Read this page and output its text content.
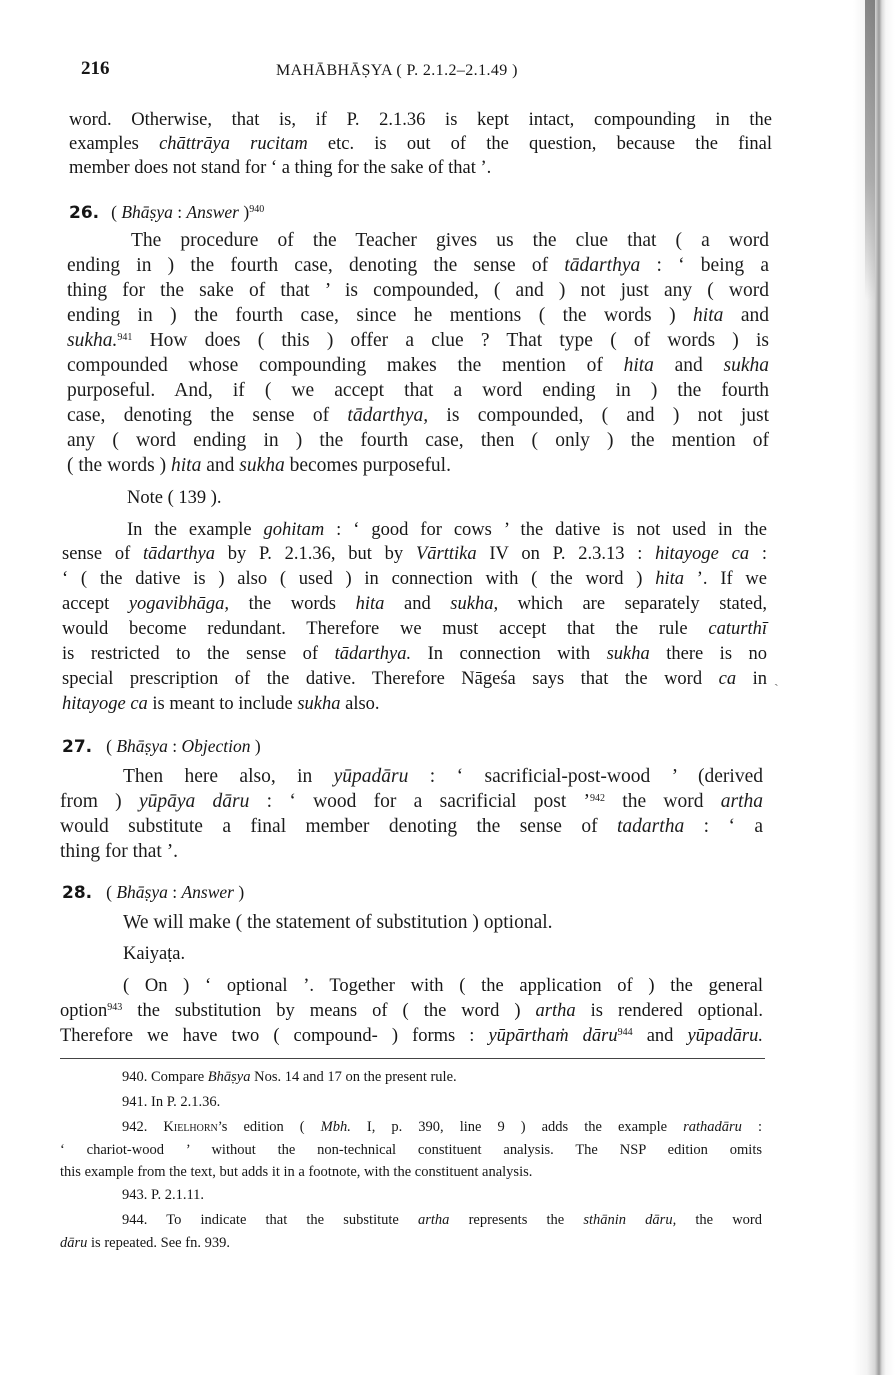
216	MAHĀBHĀṢYA ( P. 2.1.2–2.1.49 )
word. Otherwise, that is, if P. 2.1.36 is kept intact, compounding in the
examples chāttrāya rucitam etc. is out of the question, because the final
member does not stand for ‘ a thing for the sake of that ’.
26. ( Bhāṣya : Answer )$^{940}$
The procedure of the Teacher gives us the clue that ( a word
ending in ) the fourth case, denoting the sense of tādarthya : ‘ being a
thing for the sake of that ’ is compounded, ( and ) not just any ( word
ending in ) the fourth case, since he mentions ( the words ) hita and
sukha.$^{941}$ How does ( this ) offer a clue ? That type ( of words ) is
compounded whose compounding makes the mention of hita and sukha
purposeful. And, if ( we accept that a word ending in ) the fourth
case, denoting the sense of tādarthya, is compounded, ( and ) not just
any ( word ending in ) the fourth case, then ( only ) the mention of
( the words ) hita and sukha becomes purposeful.
Note ( 139 ).
In the example gohitam : ‘ good for cows ’ the dative is not used in the
sense of tādarthya by P. 2.1.36, but by Vārttika IV on P. 2.3.13 : hitayoge ca :
‘ ( the dative is ) also ( used ) in connection with ( the word ) hita ’. If we
accept yogavibhāga, the words hita and sukha, which are separately stated,
would become redundant. Therefore we must accept that the rule caturthī
is restricted to the sense of tādarthya. In connection with sukha there is no
special prescription of the dative. Therefore Nāgeśa says that the word ca in
hitayoge ca is meant to include sukha also.
ˏ
27. ( Bhāṣya : Objection )
Then here also, in yūpadāru : ‘ sacrificial-post-wood ’ (derived
from ) yūpāya dāru : ‘ wood for a sacrificial post ’$^{942}$ the word artha
would substitute a final member denoting the sense of tadartha : ‘ a
thing for that ’.
28. ( Bhāṣya : Answer )
We will make ( the statement of substitution ) optional.
Kaiyaṭa.
( On ) ‘ optional ’. Together with ( the application of ) the general
option$^{943}$ the substitution by means of ( the word ) artha is rendered optional.
Therefore we have two ( compound- ) forms : yūpārthaṁ dāru$^{944}$ and yūpadāru.
940. Compare Bhāṣya Nos. 14 and 17 on the present rule.
941. In P. 2.1.36.
942. Kielhorn’s edition ( Mbh. I, p. 390, line 9 ) adds the example rathadāru :
‘ chariot-wood ’ without the non-technical constituent analysis. The NSP edition omits
this example from the text, but adds it in a footnote, with the constituent analysis.
943. P. 2.1.11.
944. To indicate that the substitute artha represents the sthānin dāru, the word
dāru is repeated. See fn. 939.
